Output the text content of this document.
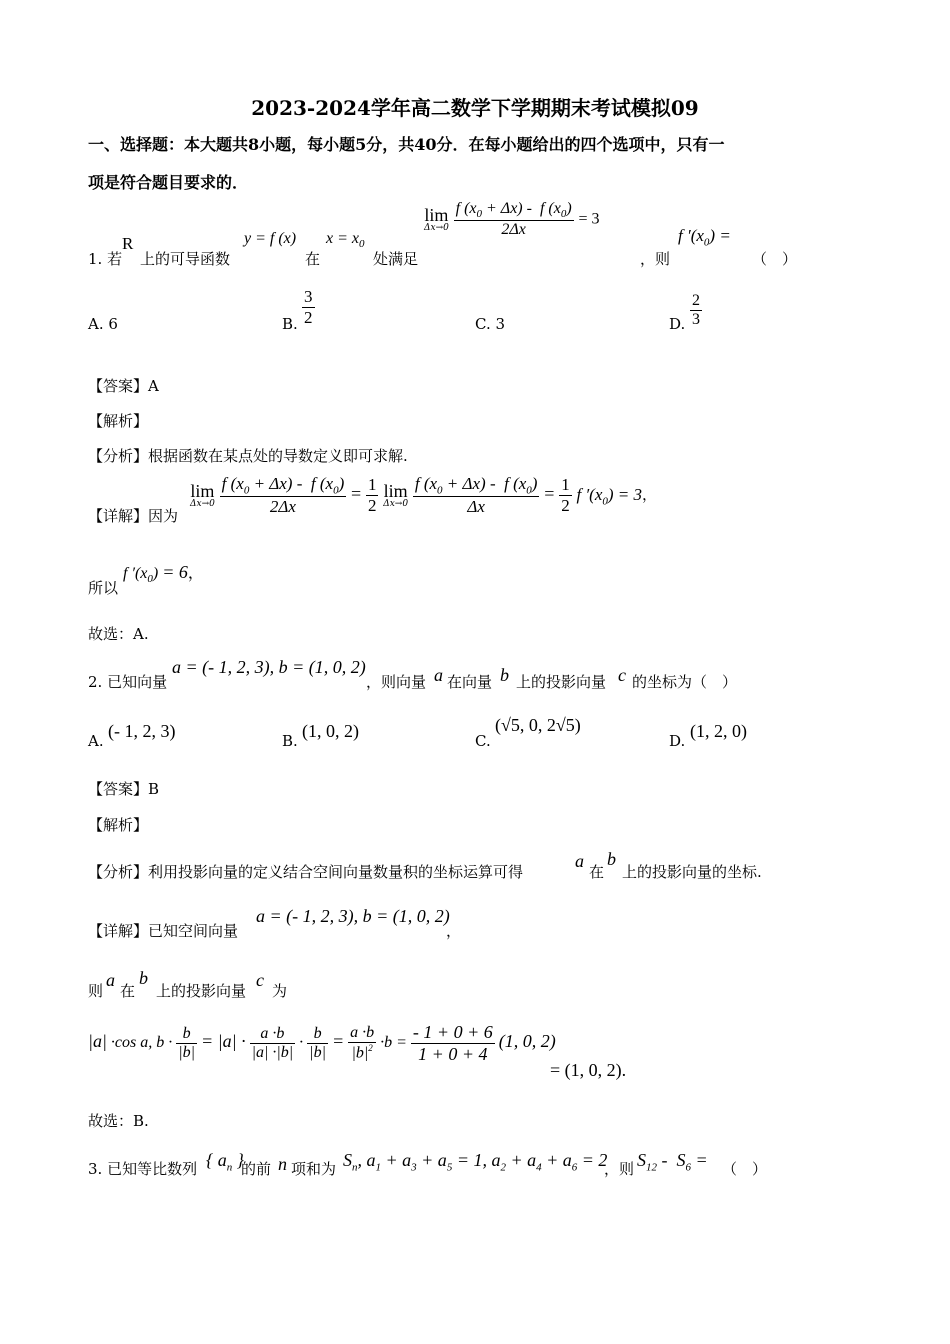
2023-2024学年高二数学下学期期末考试模拟09
一、选择题：本大题共8小题，每小题5分，共40分．在每小题给出的四个选项中，只有一
项是符合题目要求的．
1. 若
R
上的可导函数
y = f (x)
在
$x = x_0$
处满足
lim
Δx→0
$\frac{f (x_0 + \Delta x) - f (x_0)}{2\Delta x} = 3$
，则
f $'(x_0)$ =
（　）
A. 6	B. $\frac{3}{2}$	C. 3	D. $\frac{2}{3}$
【答案】A
【解析】
【分析】根据函数在某点处的导数定义即可求解.
【详解】因为
lim
Δx→0
$\frac{f (x_0 + \Delta x) - f (x_0)}{2\Delta x} = \frac{1}{2}$
lim
Δx→0
$\frac{f (x_0 + \Delta x) - f (x_0)}{\Delta x} = \frac{1}{2}$ f $'(x_0) = 3$，
所以
f $'(x_0) = 6$，
故选：A.
2. 已知向量
a = (- 1, 2, 3), b = (1, 0, 2)
，则向量 a 在向量 b 上的投影向量 c 的坐标为（　）
A. (- 1, 2, 3)	B. (1, 0, 2)	C.
(√5, 0, 2√5)
D. (1, 2, 0)
【答案】B
【解析】
【分析】利用投影向量的定义结合空间向量数量积的坐标运算可得
a
在
b
上的投影向量的坐标.
【详解】已知空间向量
a = (- 1, 2, 3), b = (1, 0, 2)
，
则
a
在
b
上的投影向量
c
为
|a| ·cos a, $b \cdot \frac{b}{|b|} = |a| \cdot \frac{a \cdot b}{|a| \cdot|b|} \cdot \frac{b}{|b|} = \frac{a \cdot b}{|b|^2} \cdot b = \frac{- 1 + 0 + 6}{1 + 0 + 4} (1$, 0, 2)
= (1, 0, 2).
故选：B.
3. 已知等比数列 { $a_n$ }
的前 n 项和为 $S_n$, $a_1 + a_3 + a_5 = 1$, $a_2 + a_4 + a_6 = 2$
，则 $S_{12} - S_6$ = （　）
